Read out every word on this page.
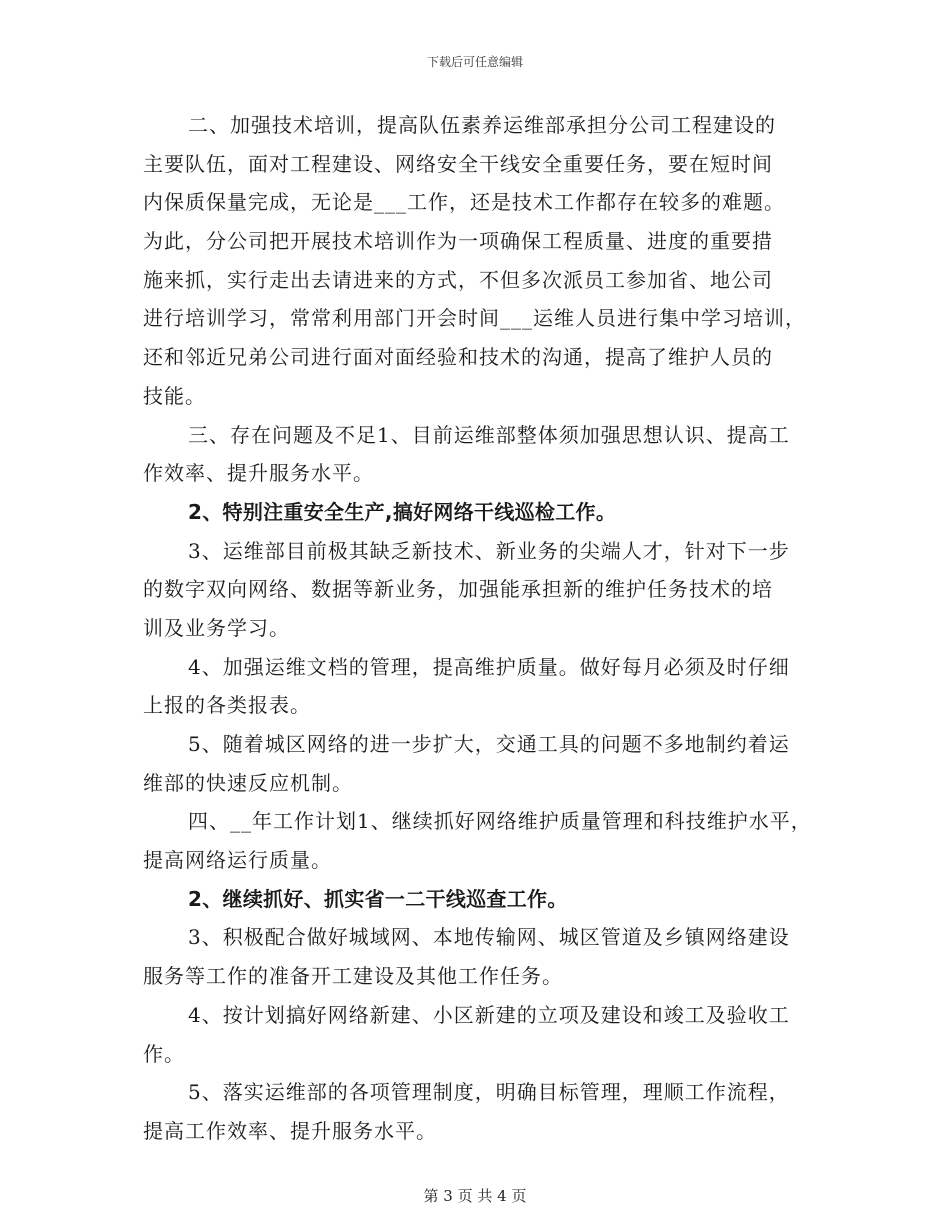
下载后可任意编辑
二、加强技术培训，提高队伍素养运维部承担分公司工程建设的
主要队伍，面对工程建设、网络安全干线安全重要任务，要在短时间
内保质保量完成，无论是___工作，还是技术工作都存在较多的难题。
为此，分公司把开展技术培训作为一项确保工程质量、进度的重要措
施来抓，实行走出去请进来的方式，不但多次派员工参加省、地公司
进行培训学习，常常利用部门开会时间___运维人员进行集中学习培训，
还和邻近兄弟公司进行面对面经验和技术的沟通，提高了维护人员的
技能。
三、存在问题及不足1、目前运维部整体须加强思想认识、提高工
作效率、提升服务水平。
2、特别注重安全生产,搞好网络干线巡检工作。
3、运维部目前极其缺乏新技术、新业务的尖端人才，针对下一步
的数字双向网络、数据等新业务，加强能承担新的维护任务技术的培
训及业务学习。
4、加强运维文档的管理，提高维护质量。做好每月必须及时仔细
上报的各类报表。
5、随着城区网络的进一步扩大，交通工具的问题不多地制约着运
维部的快速反应机制。
四、__年工作计划1、继续抓好网络维护质量管理和科技维护水平，
提高网络运行质量。
2、继续抓好、抓实省一二干线巡查工作。
3、积极配合做好城域网、本地传输网、城区管道及乡镇网络建设
服务等工作的准备开工建设及其他工作任务。
4、按计划搞好网络新建、小区新建的立项及建设和竣工及验收工
作。
5、落实运维部的各项管理制度，明确目标管理，理顺工作流程，
提高工作效率、提升服务水平。
第 3 页 共 4 页
